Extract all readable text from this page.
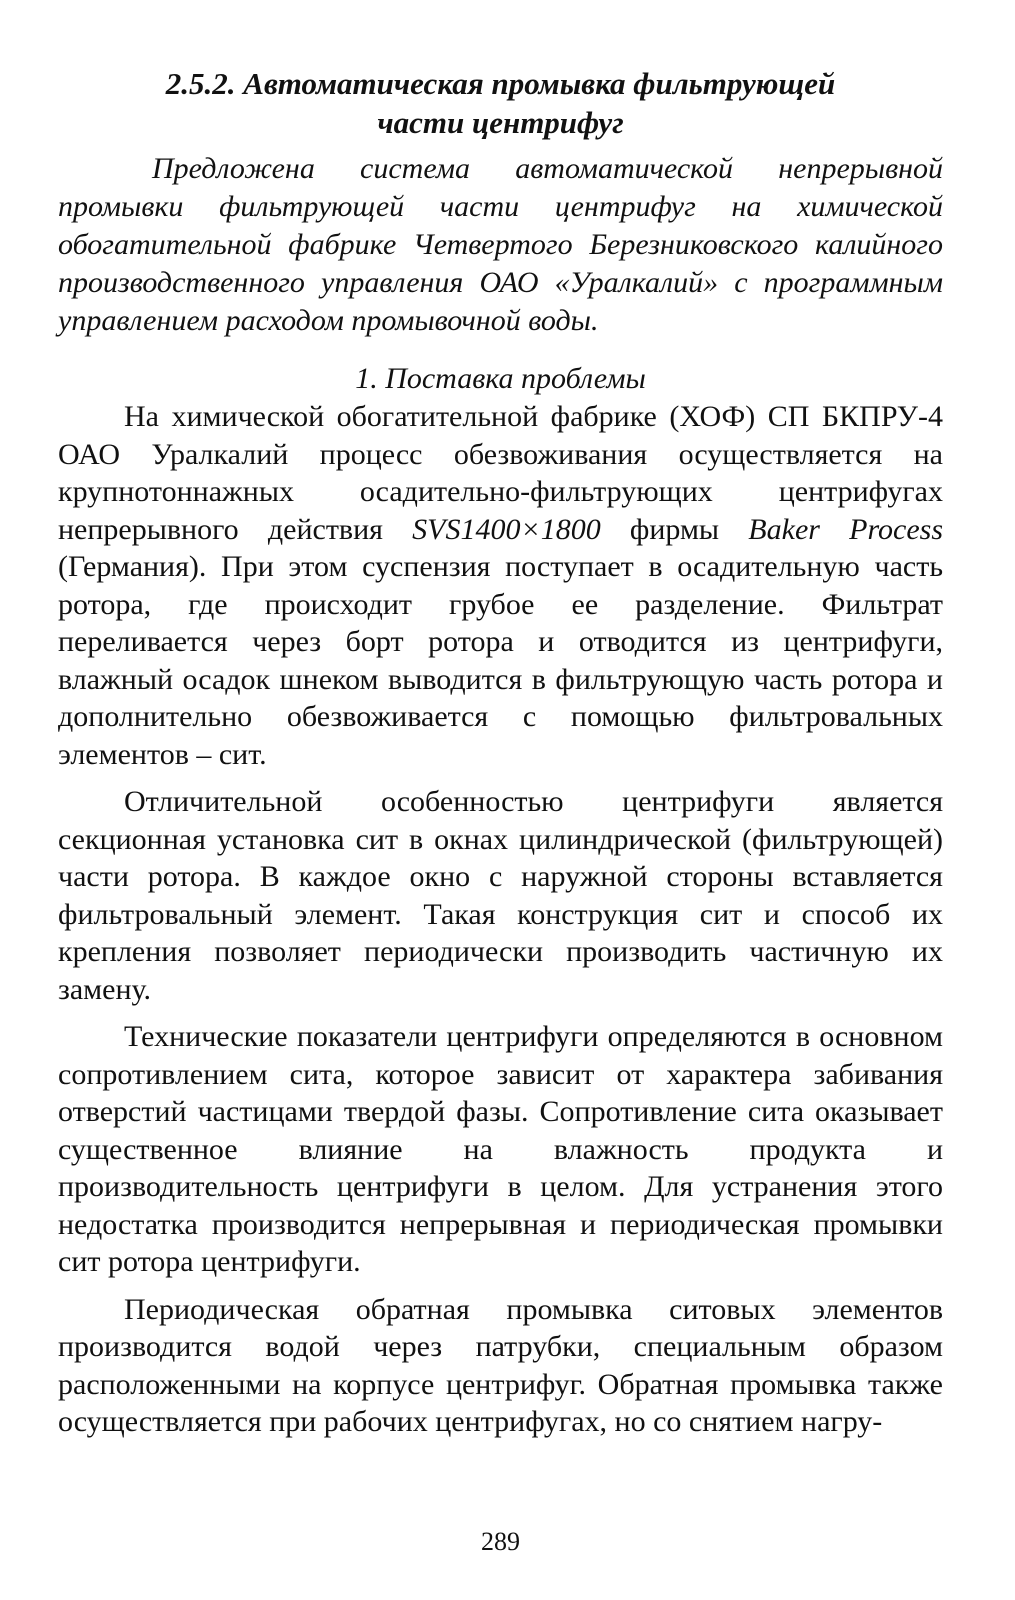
2.5.2. Автоматическая промывка фильтрующей
части центрифуг

Предложена система автоматической непрерывной промывки фильтрующей части центрифуг на химической обогатительной фабрике Четвертого Березниковского калийного производственного управления ОАО «Уралкалий» с программным управлением расходом промывочной воды.

1. Поставка проблемы

На химической обогатительной фабрике (ХОФ) СП БКПРУ-4 ОАО Уралкалий процесс обезвоживания осуществляется на крупнотоннажных осадительно-фильтрующих центрифугах непрерывного действия SVS1400×1800 фирмы Baker Process (Германия). При этом суспензия поступает в осадительную часть ротора, где происходит грубое ее разделение. Фильтрат переливается через борт ротора и отводится из центрифуги, влажный осадок шнеком выводится в фильтрующую часть ротора и дополнительно обезвоживается с помощью фильтровальных элементов – сит.

Отличительной особенностью центрифуги является секционная установка сит в окнах цилиндрической (фильтрующей) части ротора. В каждое окно с наружной стороны вставляется фильтровальный элемент. Такая конструкция сит и способ их крепления позволяет периодически производить частичную их замену.

Технические показатели центрифуги определяются в основном сопротивлением сита, которое зависит от характера забивания отверстий частицами твердой фазы. Сопротивление сита оказывает существенное влияние на влажность продукта и производительность центрифуги в целом. Для устранения этого недостатка производится непрерывная и периодическая промывки сит ротора центрифуги.

Периодическая обратная промывка ситовых элементов производится водой через патрубки, специальным образом расположенными на корпусе центрифуг. Обратная промывка также осуществляется при рабочих центрифугах, но со снятием нагру-

289
